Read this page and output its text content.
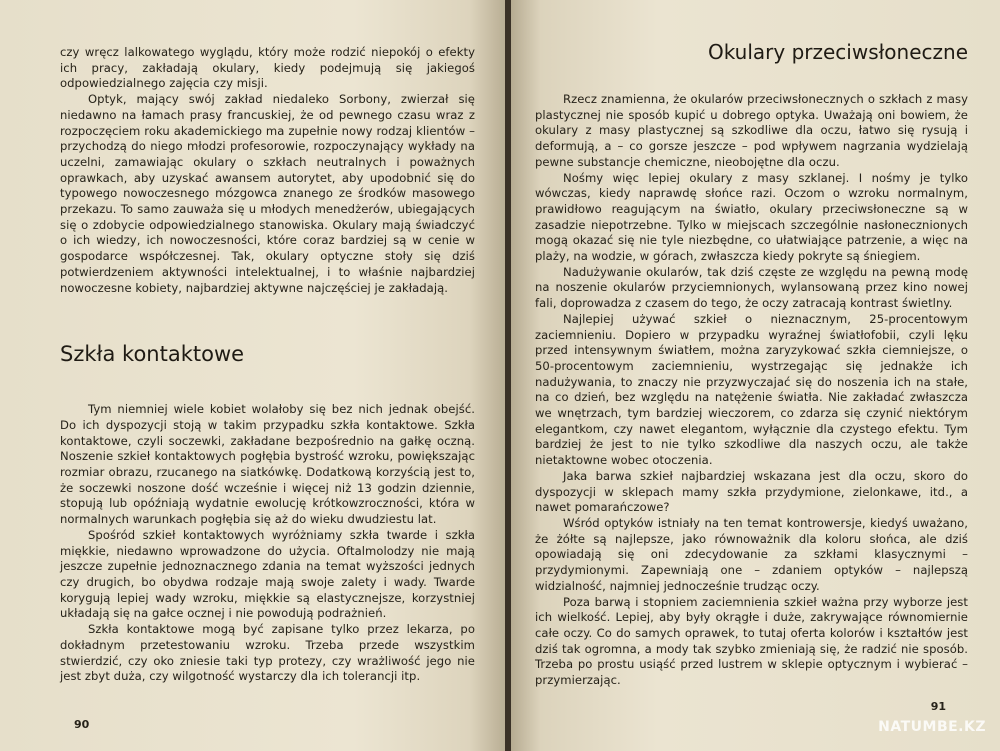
czy wręcz lalkowatego wyglądu, który może rodzić niepokój o efekty ich pracy, zakładają okulary, kiedy podejmują się jakiegoś odpowiedzialnego zajęcia czy misji.

Optyk, mający swój zakład niedaleko Sorbony, zwierzał się niedawno na łamach prasy francuskiej, że od pewnego czasu wraz z rozpoczęciem roku akademickiego ma zupełnie nowy rodzaj klientów – przychodzą do niego młodzi profesorowie, rozpoczynający wykłady na uczelni, zamawiając okulary o szkłach neutralnych i poważnych oprawkach, aby uzyskać awansem autorytet, aby upodobnić się do typowego nowoczesnego mózgowca znanego ze środków masowego przekazu. To samo zauważa się u młodych menedżerów, ubiegających się o zdobycie odpowiedzialnego stanowiska. Okulary mają świadczyć o ich wiedzy, ich nowoczesności, które coraz bardziej są w cenie w gospodarce współczesnej. Tak, okulary optyczne stoły się dziś potwierdzeniem aktywności intelektualnej, i to właśnie najbardziej nowoczesne kobiety, najbardziej aktywne najczęściej je zakładają.

Szkła kontaktowe

Tym niemniej wiele kobiet wolałoby się bez nich jednak obejść. Do ich dyspozycji stoją w takim przypadku szkła kontaktowe. Szkła kontaktowe, czyli soczewki, zakładane bezpośrednio na gałkę oczną. Noszenie szkieł kontaktowych pogłębia bystrość wzroku, powiększając rozmiar obrazu, rzucanego na siatkówkę. Dodatkową korzyścią jest to, że soczewki noszone dość wcześnie i więcej niż 13 godzin dziennie, stopują lub opóźniają wydatnie ewolucję krótkowzroczności, która w normalnych warunkach pogłębia się aż do wieku dwudziestu lat.

Spośród szkieł kontaktowych wyróżniamy szkła twarde i szkła miękkie, niedawno wprowadzone do użycia. Oftalmolodzy nie mają jeszcze zupełnie jednoznacznego zdania na temat wyższości jednych czy drugich, bo obydwa rodzaje mają swoje zalety i wady. Twarde korygują lepiej wady wzroku, miękkie są elastycznejsze, korzystniej układają się na gałce ocznej i nie powodują podrażnień.

Szkła kontaktowe mogą być zapisane tylko przez lekarza, po dokładnym przetestowaniu wzroku. Trzeba przede wszystkim stwierdzić, czy oko zniesie taki typ protezy, czy wrażliwość jego nie jest zbyt duża, czy wilgotność wystarczy dla ich tolerancji itp.

90
Okulary przeciwsłoneczne

Rzecz znamienna, że okularów przeciwsłonecznych o szkłach z masy plastycznej nie sposób kupić u dobrego optyka. Uważają oni bowiem, że okulary z masy plastycznej są szkodliwe dla oczu, łatwo się rysują i deformują, a – co gorsze jeszcze – pod wpływem nagrzania wydzielają pewne substancje chemiczne, nieobojętne dla oczu.

Nośmy więc lepiej okulary z masy szklanej. I nośmy je tylko wówczas, kiedy naprawdę słońce razi. Oczom o wzroku normalnym, prawidłowo reagującym na światło, okulary przeciwsłoneczne są w zasadzie niepotrzebne. Tylko w miejscach szczególnie nasłonecznionych mogą okazać się nie tyle niezbędne, co ułatwiające patrzenie, a więc na plaży, na wodzie, w górach, zwłaszcza kiedy pokryte są śniegiem.

Nadużywanie okularów, tak dziś częste ze względu na pewną modę na noszenie okularów przyciemnionych, wylansowaną przez kino nowej fali, doprowadza z czasem do tego, że oczy zatracają kontrast świetlny.

Najlepiej używać szkieł o nieznacznym, 25-procentowym zaciemnieniu. Dopiero w przypadku wyraźnej światłofobii, czyli lęku przed intensywnym światłem, można zaryzykować szkła ciemniejsze, o 50-procentowym zaciemnieniu, wystrzegając się jednakże ich nadużywania, to znaczy nie przyzwyczajać się do noszenia ich na stałe, na co dzień, bez względu na natężenie światła. Nie zakładać zwłaszcza we wnętrzach, tym bardziej wieczorem, co zdarza się czynić niektórym elegantkom, czy nawet elegantom, wyłącznie dla czystego efektu. Tym bardziej że jest to nie tylko szkodliwe dla naszych oczu, ale także nietaktowne wobec otoczenia.

Jaka barwa szkieł najbardziej wskazana jest dla oczu, skoro do dyspozycji w sklepach mamy szkła przydymione, zielonkawe, itd., a nawet pomarańczowe?

Wśród optyków istniały na ten temat kontrowersje, kiedyś uważano, że żółte są najlepsze, jako równoważnik dla koloru słońca, ale dziś opowiadają się oni zdecydowanie za szkłami klasycznymi – przydymionymi. Zapewniają one – zdaniem optyków – najlepszą widzialność, najmniej jednocześnie trudząc oczy.

Poza barwą i stopniem zaciemnienia szkieł ważna przy wyborze jest ich wielkość. Lepiej, aby były okrągłe i duże, zakrywające równomiernie całe oczy. Co do samych oprawek, to tutaj oferta kolorów i kształtów jest dziś tak ogromna, a mody tak szybko zmieniają się, że radzić nie sposób. Trzeba po prostu usiąść przed lustrem w sklepie optycznym i wybierać – przymierzając.

91
NATUMBE.KZ
